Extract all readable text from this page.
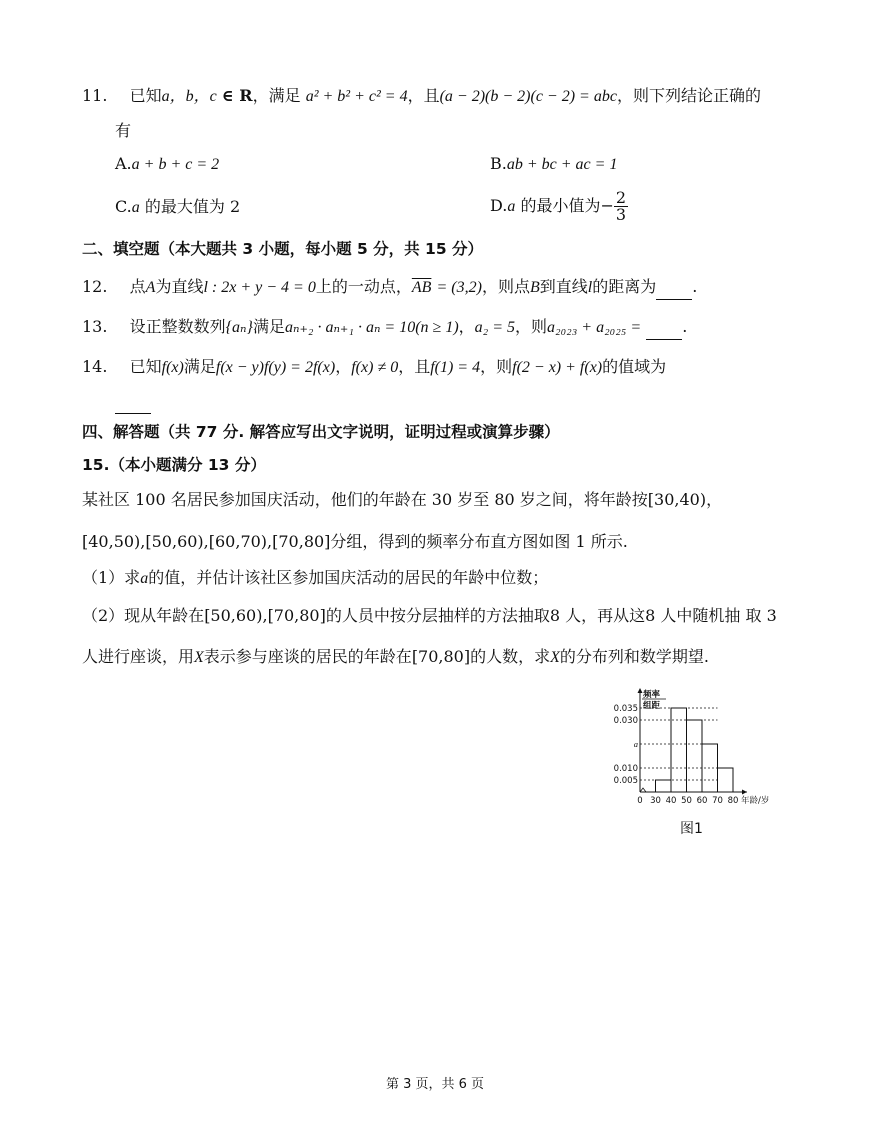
11. 已知a，b，c ∈ R，满足 a² + b² + c² = 4，且(a − 2)(b − 2)(c − 2) = abc，则下列结论正确的
有
A.a + b + c = 2	B.ab + bc + ac = 1
C.a 的最大值为 2	D.a 的最小值为− $\frac{2}{3}$
二、填空题（本大题共 3 小题，每小题 5 分，共 15 分）
12. 点A为直线l : 2x + y − 4 = 0上的一动点，$\overline{AB} = (3,2)$，则点B到直线l的距离为 .
13. 设正整数数列{aₙ}满足aₙ₊₂ · aₙ₊₁ · aₙ = 10(n ≥ 1)，a₂ = 5，则a₂₀₂₃ + a₂₀₂₅ =	.
14. 已知f(x)满足f(x − y)f(y) = 2f(x)，f(x) ≠ 0，且f(1) = 4，则f(2 − x) + f(x)的值域为
四、解答题（共 77 分. 解答应写出文字说明，证明过程或演算步骤）
15.（本小题满分 13 分）
某社区 100 名居民参加国庆活动，他们的年龄在 30 岁至 80 岁之间，将年龄按[30,40)，
[40,50),[50,60),[60,70),[70,80]分组，得到的频率分布直方图如图 1 所示.
（1）求a的值，并估计该社区参加国庆活动的居民的年龄中位数；
（2）现从年龄在[50,60),[70,80]的人员中按分层抽样的方法抽取8 人，再从这8 人中随机抽 取 3
人进行座谈，用X表示参与座谈的居民的年龄在[70,80]的人数，求X的分布列和数学期望.
频率
组距
0.035
0.030
a
0.010
0.005
0 30 40 50 60 70 80 年龄/岁
图1
第 3 页，共 6 页
